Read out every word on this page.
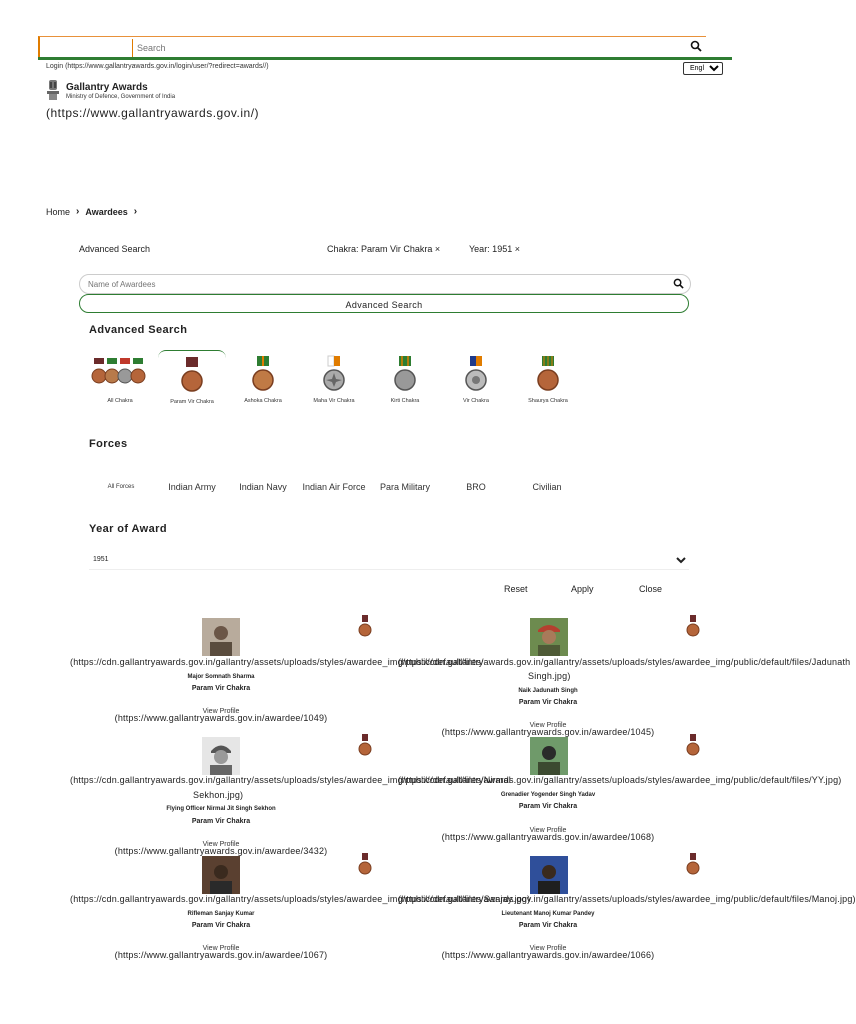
Search
Login (https://www.gallantryawards.gov.in/login/user/?redirect=awards//)
English
Gallantry Awards
Ministry of Defence, Government of India
(https://www.gallantryawards.gov.in/)
Home › Awardees ›
Advanced Search	Chakra: Param Vir Chakra ×	Year: 1951 ×
Name of Awardees
Advanced Search
Advanced Search
All Chakra	Param Vir Chakra	Ashoka Chakra	Maha Vir Chakra	Kirti Chakra	Vir Chakra	Shaurya Chakra
Forces
All Forces	Indian Army	Indian Navy	Indian Air Force	Para Military	BRO	Civilian
Year of Award
1951
Reset	Apply	Close
(https://cdn.gallantryawards.gov.in/gallantry/assets/uploads/styles/awardee_img/public/default/files/
Major Somnath Sharma
Param Vir Chakra
View Profile
(https://www.gallantryawards.gov.in/awardee/1049)
(https://cdn.gallantryawards.gov.in/gallantry/assets/uploads/styles/awardee_img/public/default/files/Jadunath
Singh.jpg)
Naik Jadunath Singh
Param Vir Chakra
View Profile
(https://www.gallantryawards.gov.in/awardee/1045)
(https://cdn.gallantryawards.gov.in/gallantry/assets/uploads/styles/awardee_img/public/default/files/Nirmal
Sekhon.jpg)
Flying Officer Nirmal Jit Singh Sekhon
Param Vir Chakra
View Profile
(https://www.gallantryawards.gov.in/awardee/3432)
(https://cdn.gallantryawards.gov.in/gallantry/assets/uploads/styles/awardee_img/public/default/files/YY.jpg)
Grenadier Yogender Singh Yadav
Param Vir Chakra
View Profile
(https://www.gallantryawards.gov.in/awardee/1068)
(https://cdn.gallantryawards.gov.in/gallantry/assets/uploads/styles/awardee_img/public/default/files/Sanjay.jpg)
Rifleman Sanjay Kumar
Param Vir Chakra
View Profile
(https://www.gallantryawards.gov.in/awardee/1067)
(https://cdn.gallantryawards.gov.in/gallantry/assets/uploads/styles/awardee_img/public/default/files/Manoj.jpg)
Lieutenant Manoj Kumar Pandey
Param Vir Chakra
View Profile
(https://www.gallantryawards.gov.in/awardee/1066)
